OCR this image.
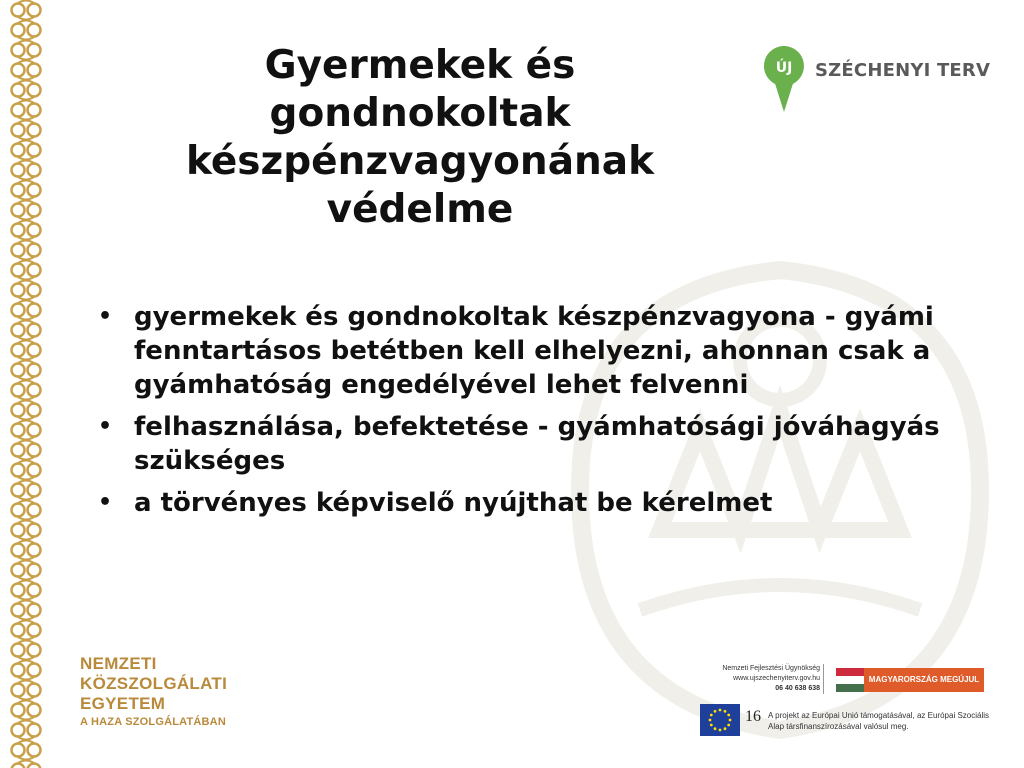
Gyermekek és gondnokoltak készpénzvagyonának védelme
ÚJ SZÉCHENYI TERV
• gyermekek és gondnokoltak készpénzvagyona - gyámi fenntartásos betétben kell elhelyezni, ahonnan csak a gyámhatóság engedélyével lehet felvenni
• felhasználása, befektetése - gyámhatósági jóváhagyás szükséges
• a törvényes képviselő nyújthat be kérelmet
NEMZETI
KÖZSZOLGÁLATI
EGYETEM
A HAZA SZOLGÁLATÁBAN
Nemzeti Fejlesztési Ügynökség
www.ujszechenyiterv.gov.hu
06 40 638 638
MAGYARORSZÁG MEGÚJUL
A projekt az Európai Unió támogatásával, az Európai Szociális Alap társfinanszírozásával valósul meg.
16
